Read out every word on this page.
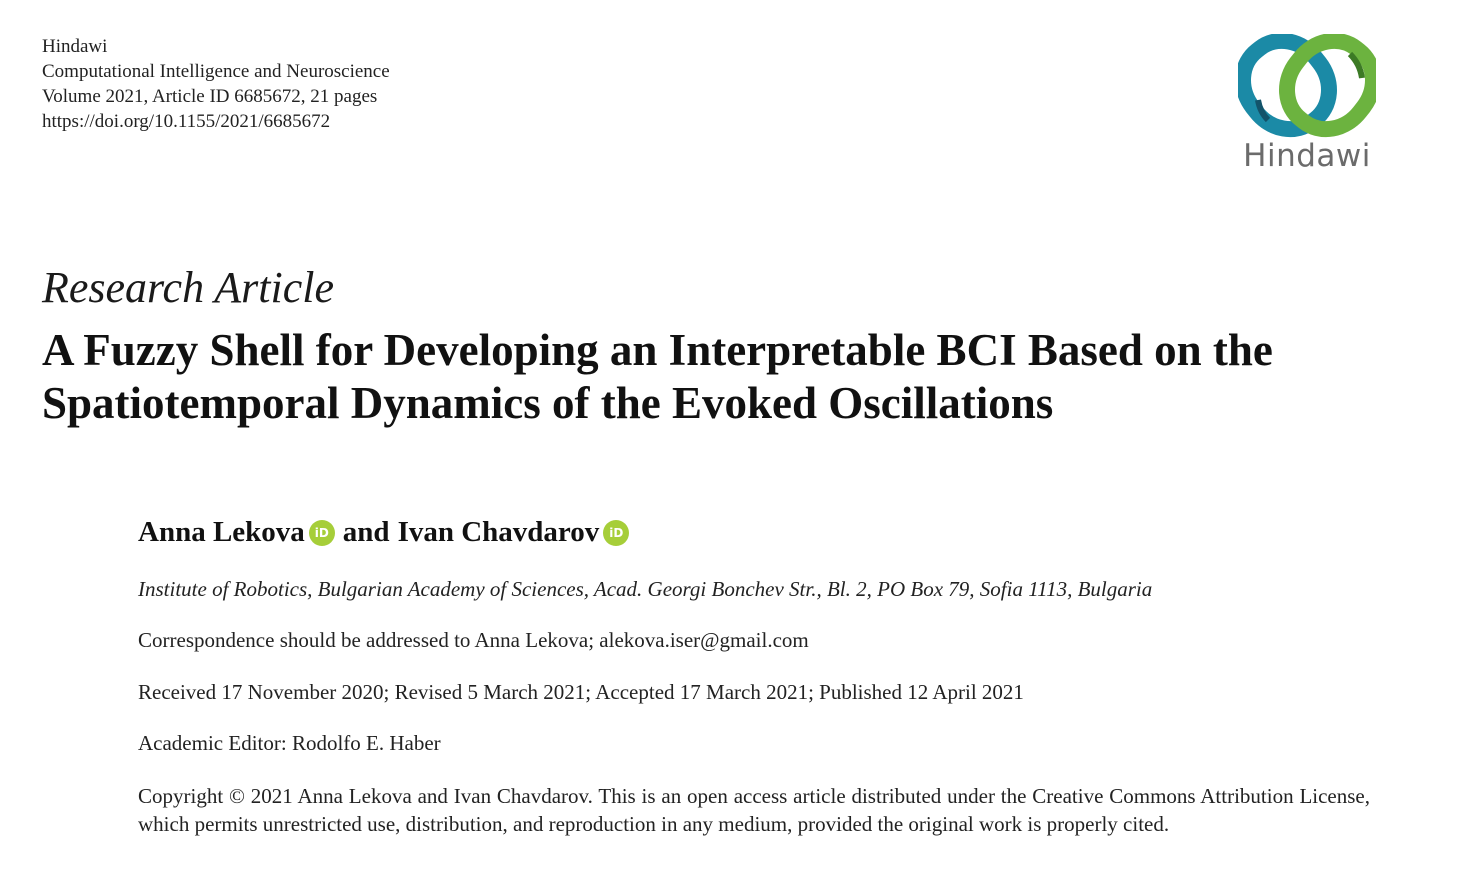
Hindawi
Computational Intelligence and Neuroscience
Volume 2021, Article ID 6685672, 21 pages
https://doi.org/10.1155/2021/6685672
Hindawi
Research Article
A Fuzzy Shell for Developing an Interpretable BCI Based on the
Spatiotemporal Dynamics of the Evoked Oscillations
Anna Lekova iD and Ivan Chavdarov iD
Institute of Robotics, Bulgarian Academy of Sciences, Acad. Georgi Bonchev Str., Bl. 2, PO Box 79, Sofia 1113, Bulgaria
Correspondence should be addressed to Anna Lekova; alekova.iser@gmail.com
Received 17 November 2020; Revised 5 March 2021; Accepted 17 March 2021; Published 12 April 2021
Academic Editor: Rodolfo E. Haber
Copyright © 2021 Anna Lekova and Ivan Chavdarov. This is an open access article distributed under the Creative Commons Attribution License, which permits unrestricted use, distribution, and reproduction in any medium, provided the original work is properly cited.
